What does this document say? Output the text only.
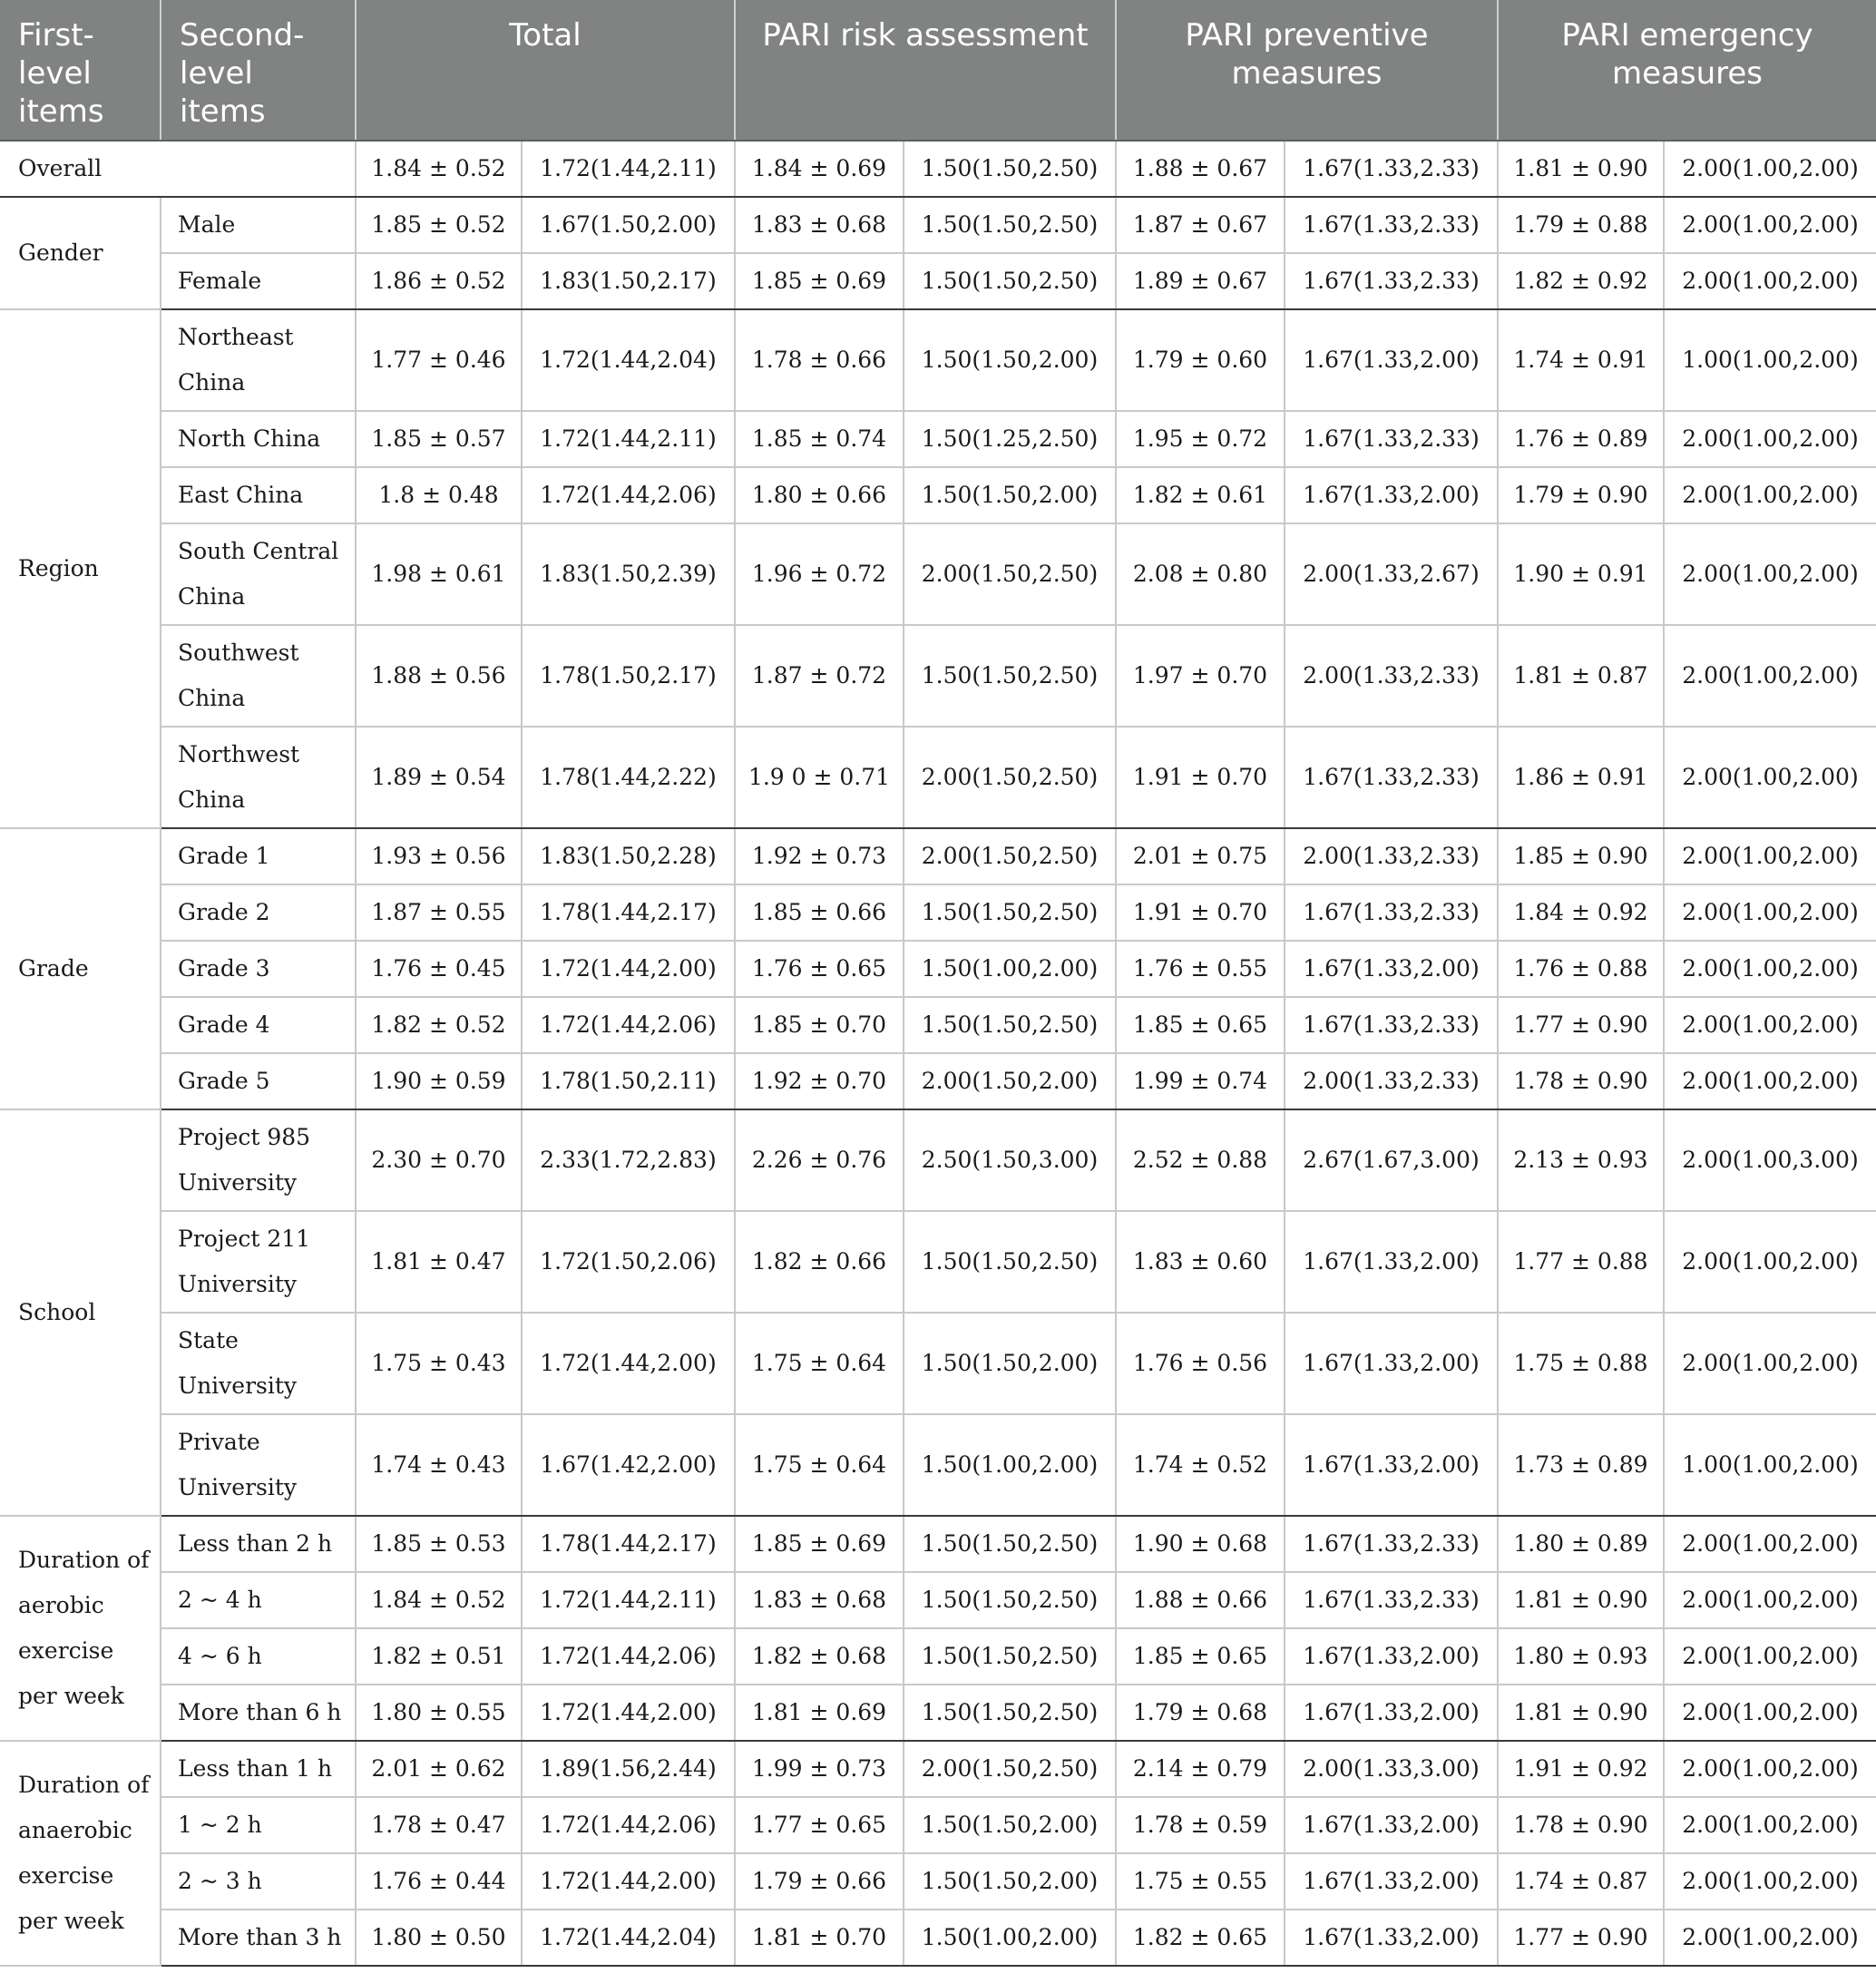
First-level items	Second-level items	Total		PARI risk assessment		PARI preventive measures		PARI emergency measures	
Overall		1.84 ± 0.52	1.72(1.44,2.11)	1.84 ± 0.69	1.50(1.50,2.50)	1.88 ± 0.67	1.67(1.33,2.33)	1.81 ± 0.90	2.00(1.00,2.00)
Gender	Male	1.85 ± 0.52	1.67(1.50,2.00)	1.83 ± 0.68	1.50(1.50,2.50)	1.87 ± 0.67	1.67(1.33,2.33)	1.79 ± 0.88	2.00(1.00,2.00)
	Female	1.86 ± 0.52	1.83(1.50,2.17)	1.85 ± 0.69	1.50(1.50,2.50)	1.89 ± 0.67	1.67(1.33,2.33)	1.82 ± 0.92	2.00(1.00,2.00)
Region	Northeast China	1.77 ± 0.46	1.72(1.44,2.04)	1.78 ± 0.66	1.50(1.50,2.00)	1.79 ± 0.60	1.67(1.33,2.00)	1.74 ± 0.91	1.00(1.00,2.00)
	North China	1.85 ± 0.57	1.72(1.44,2.11)	1.85 ± 0.74	1.50(1.25,2.50)	1.95 ± 0.72	1.67(1.33,2.33)	1.76 ± 0.89	2.00(1.00,2.00)
	East China	1.8 ± 0.48	1.72(1.44,2.06)	1.80 ± 0.66	1.50(1.50,2.00)	1.82 ± 0.61	1.67(1.33,2.00)	1.79 ± 0.90	2.00(1.00,2.00)
	South Central China	1.98 ± 0.61	1.83(1.50,2.39)	1.96 ± 0.72	2.00(1.50,2.50)	2.08 ± 0.80	2.00(1.33,2.67)	1.90 ± 0.91	2.00(1.00,2.00)
	Southwest China	1.88 ± 0.56	1.78(1.50,2.17)	1.87 ± 0.72	1.50(1.50,2.50)	1.97 ± 0.70	2.00(1.33,2.33)	1.81 ± 0.87	2.00(1.00,2.00)
	Northwest China	1.89 ± 0.54	1.78(1.44,2.22)	1.9 0 ± 0.71	2.00(1.50,2.50)	1.91 ± 0.70	1.67(1.33,2.33)	1.86 ± 0.91	2.00(1.00,2.00)
Grade	Grade 1	1.93 ± 0.56	1.83(1.50,2.28)	1.92 ± 0.73	2.00(1.50,2.50)	2.01 ± 0.75	2.00(1.33,2.33)	1.85 ± 0.90	2.00(1.00,2.00)
	Grade 2	1.87 ± 0.55	1.78(1.44,2.17)	1.85 ± 0.66	1.50(1.50,2.50)	1.91 ± 0.70	1.67(1.33,2.33)	1.84 ± 0.92	2.00(1.00,2.00)
	Grade 3	1.76 ± 0.45	1.72(1.44,2.00)	1.76 ± 0.65	1.50(1.00,2.00)	1.76 ± 0.55	1.67(1.33,2.00)	1.76 ± 0.88	2.00(1.00,2.00)
	Grade 4	1.82 ± 0.52	1.72(1.44,2.06)	1.85 ± 0.70	1.50(1.50,2.50)	1.85 ± 0.65	1.67(1.33,2.33)	1.77 ± 0.90	2.00(1.00,2.00)
	Grade 5	1.90 ± 0.59	1.78(1.50,2.11)	1.92 ± 0.70	2.00(1.50,2.00)	1.99 ± 0.74	2.00(1.33,2.33)	1.78 ± 0.90	2.00(1.00,2.00)
School	Project 985 University	2.30 ± 0.70	2.33(1.72,2.83)	2.26 ± 0.76	2.50(1.50,3.00)	2.52 ± 0.88	2.67(1.67,3.00)	2.13 ± 0.93	2.00(1.00,3.00)
	Project 211 University	1.81 ± 0.47	1.72(1.50,2.06)	1.82 ± 0.66	1.50(1.50,2.50)	1.83 ± 0.60	1.67(1.33,2.00)	1.77 ± 0.88	2.00(1.00,2.00)
	State University	1.75 ± 0.43	1.72(1.44,2.00)	1.75 ± 0.64	1.50(1.50,2.00)	1.76 ± 0.56	1.67(1.33,2.00)	1.75 ± 0.88	2.00(1.00,2.00)
	Private University	1.74 ± 0.43	1.67(1.42,2.00)	1.75 ± 0.64	1.50(1.00,2.00)	1.74 ± 0.52	1.67(1.33,2.00)	1.73 ± 0.89	1.00(1.00,2.00)
Duration of aerobic exercise per week	Less than 2 h	1.85 ± 0.53	1.78(1.44,2.17)	1.85 ± 0.69	1.50(1.50,2.50)	1.90 ± 0.68	1.67(1.33,2.33)	1.80 ± 0.89	2.00(1.00,2.00)
	2 ~ 4 h	1.84 ± 0.52	1.72(1.44,2.11)	1.83 ± 0.68	1.50(1.50,2.50)	1.88 ± 0.66	1.67(1.33,2.33)	1.81 ± 0.90	2.00(1.00,2.00)
	4 ~ 6 h	1.82 ± 0.51	1.72(1.44,2.06)	1.82 ± 0.68	1.50(1.50,2.50)	1.85 ± 0.65	1.67(1.33,2.00)	1.80 ± 0.93	2.00(1.00,2.00)
	More than 6 h	1.80 ± 0.55	1.72(1.44,2.00)	1.81 ± 0.69	1.50(1.50,2.50)	1.79 ± 0.68	1.67(1.33,2.00)	1.81 ± 0.90	2.00(1.00,2.00)
Duration of anaerobic exercise per week	Less than 1 h	2.01 ± 0.62	1.89(1.56,2.44)	1.99 ± 0.73	2.00(1.50,2.50)	2.14 ± 0.79	2.00(1.33,3.00)	1.91 ± 0.92	2.00(1.00,2.00)
	1 ~ 2 h	1.78 ± 0.47	1.72(1.44,2.06)	1.77 ± 0.65	1.50(1.50,2.00)	1.78 ± 0.59	1.67(1.33,2.00)	1.78 ± 0.90	2.00(1.00,2.00)
	2 ~ 3 h	1.76 ± 0.44	1.72(1.44,2.00)	1.79 ± 0.66	1.50(1.50,2.00)	1.75 ± 0.55	1.67(1.33,2.00)	1.74 ± 0.87	2.00(1.00,2.00)
	More than 3 h	1.80 ± 0.50	1.72(1.44,2.04)	1.81 ± 0.70	1.50(1.00,2.00)	1.82 ± 0.65	1.67(1.33,2.00)	1.77 ± 0.90	2.00(1.00,2.00)
